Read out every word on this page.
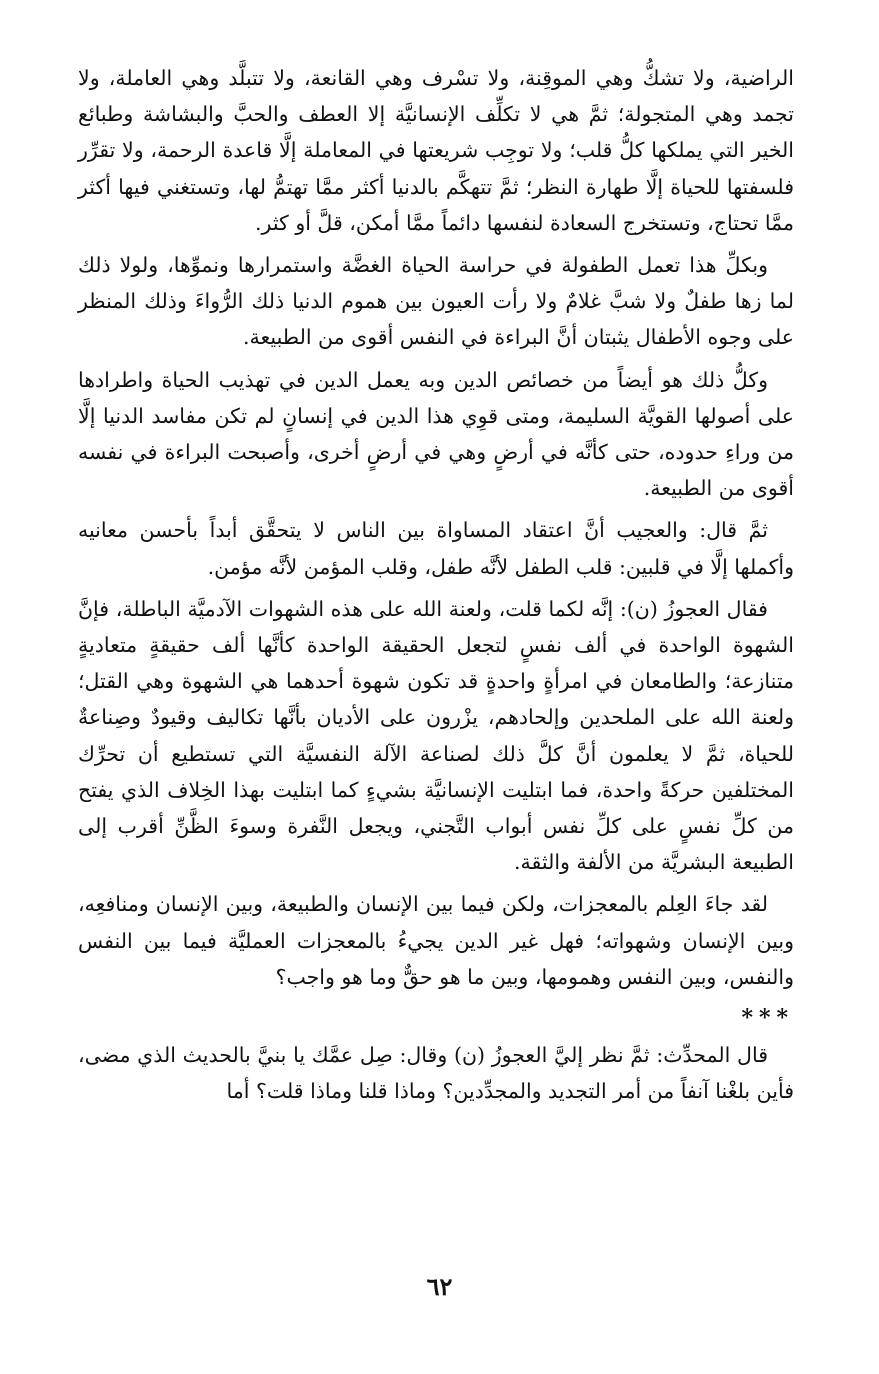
الراضية، ولا تشكُّ وهي الموقِنة، ولا تسْرف وهي القانعة، ولا تتبلَّد وهي العاملة، ولا تجمد وهي المتجولة؛ ثمَّ هي لا تكلِّف الإنسانيَّة إلا العطف والحبَّ والبشاشة وطبائع الخير التي يملكها كلُّ قلب؛ ولا توجِب شريعتها في المعاملة إلَّا قاعدة الرحمة، ولا تقرِّر فلسفتها للحياة إلَّا طهارة النظر؛ ثمَّ تتهكَّم بالدنيا أكثر ممَّا تهتمُّ لها، وتستغني فيها أكثر ممَّا تحتاج، وتستخرج السعادة لنفسها دائماً ممَّا أمكن، قلَّ أو كثر.

وبكلِّ هذا تعمل الطفولة في حراسة الحياة الغضَّة واستمرارها ونموِّها، ولولا ذلك لما زها طفلٌ ولا شبَّ غلامٌ ولا رأت العيون بين هموم الدنيا ذلك الرُّواءَ وذلك المنظر على وجوه الأطفال يثبتان أنَّ البراءة في النفس أقوى من الطبيعة.

وكلُّ ذلك هو أيضاً من خصائص الدين وبه يعمل الدين في تهذيب الحياة واطرادها على أصولها القويَّة السليمة، ومتى قوِي هذا الدين في إنسانٍ لم تكن مفاسد الدنيا إلَّا من وراءِ حدوده، حتى كأنَّه في أرضٍ وهي في أرضٍ أخرى، وأصبحت البراءة في نفسه أقوى من الطبيعة.

ثمَّ قال: والعجيب أنَّ اعتقاد المساواة بين الناس لا يتحقَّق أبداً بأحسن معانيه وأكملها إلَّا في قلبين: قلب الطفل لأنَّه طفل، وقلب المؤمن لأنَّه مؤمن.

فقال العجوزُ (ن): إنَّه لكما قلت، ولعنة الله على هذه الشهوات الآدميَّة الباطلة، فإنَّ الشهوة الواحدة في ألف نفسٍ لتجعل الحقيقة الواحدة كأنَّها ألف حقيقةٍ متعاديةٍ متنازعة؛ والطامعان في امرأةٍ واحدةٍ قد تكون شهوة أحدهما هي الشهوة وهي القتل؛ ولعنة الله على الملحدين وإلحادهم، يزْرون على الأديان بأنَّها تكاليف وقيودٌ وصِناعةٌ للحياة، ثمَّ لا يعلمون أنَّ كلَّ ذلك لصناعة الآلة النفسيَّة التي تستطيع أن تحرِّك المختلفين حركةً واحدة، فما ابتليت الإنسانيَّة بشيءٍ كما ابتليت بهذا الخِلاف الذي يفتح من كلِّ نفسٍ على كلِّ نفس أبواب التَّجني، ويجعل النَّفرة وسوءَ الظَّنِّ أقرب إلى الطبيعة البشريَّة من الألفة والثقة.

لقد جاءَ العِلم بالمعجزات، ولكن فيما بين الإنسان والطبيعة، وبين الإنسان ومنافعِه، وبين الإنسان وشهواته؛ فهل غير الدين يجيءُ بالمعجزات العمليَّة فيما بين النفس والنفس، وبين النفس وهمومها، وبين ما هو حقٌّ وما هو واجب؟

***

قال المحدِّث: ثمَّ نظر إليَّ العجوزُ (ن) وقال: صِل عمَّك يا بنيَّ بالحديث الذي مضى، فأين بلغْنا آنفاً من أمر التجديد والمجدِّدين؟ وماذا قلنا وماذا قلت؟ أما

٦٢
